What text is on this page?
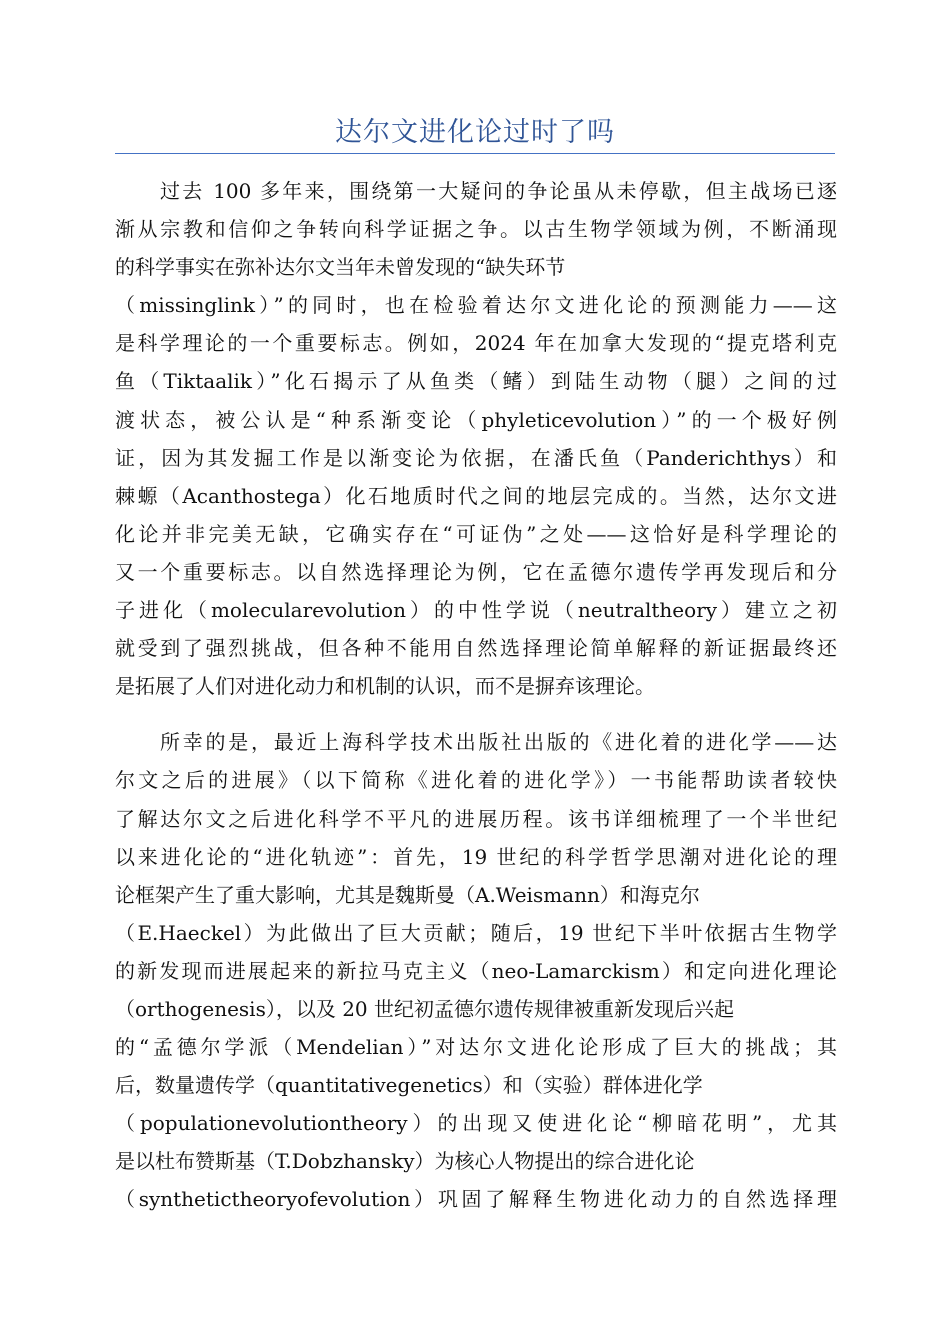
达尔文进化论过时了吗
过去 100 多年来，围绕第一大疑问的争论虽从未停歇，但主战场已逐
渐从宗教和信仰之争转向科学证据之争。以古生物学领域为例，不断涌现
的科学事实在弥补达尔文当年未曾发现的“缺失环节
（missinglink）”的同时，也在检验着达尔文进化论的预测能力——这
是科学理论的一个重要标志。例如，2024 年在加拿大发现的“提克塔利克
鱼（Tiktaalik）”化石揭示了从鱼类（鳍）到陆生动物（腿）之间的过
渡状态，被公认是“种系渐变论（phyleticevolution）”的一个极好例
证，因为其发掘工作是以渐变论为依据，在潘氏鱼（Panderichthys）和
棘螈（Acanthostega）化石地质时代之间的地层完成的。当然，达尔文进
化论并非完美无缺，它确实存在“可证伪”之处——这恰好是科学理论的
又一个重要标志。以自然选择理论为例，它在孟德尔遗传学再发现后和分
子进化（molecularevolution）的中性学说（neutraltheory）建立之初
就受到了强烈挑战，但各种不能用自然选择理论简单解释的新证据最终还
是拓展了人们对进化动力和机制的认识，而不是摒弃该理论。
所幸的是，最近上海科学技术出版社出版的《进化着的进化学——达
尔文之后的进展》（以下简称《进化着的进化学》）一书能帮助读者较快
了解达尔文之后进化科学不平凡的进展历程。该书详细梳理了一个半世纪
以来进化论的“进化轨迹”：首先，19 世纪的科学哲学思潮对进化论的理
论框架产生了重大影响，尤其是魏斯曼（A.Weismann）和海克尔
（E.Haeckel）为此做出了巨大贡献；随后，19 世纪下半叶依据古生物学
的新发现而进展起来的新拉马克主义（neo-Lamarckism）和定向进化理论
（orthogenesis），以及 20 世纪初孟德尔遗传规律被重新发现后兴起
的“孟德尔学派（Mendelian）”对达尔文进化论形成了巨大的挑战；其
后，数量遗传学（quantitativegenetics）和（实验）群体进化学
（populationevolutiontheory）的出现又使进化论“柳暗花明”，尤其
是以杜布赞斯基（T.Dobzhansky）为核心人物提出的综合进化论
（synthetictheoryofevolution）巩固了解释生物进化动力的自然选择理
